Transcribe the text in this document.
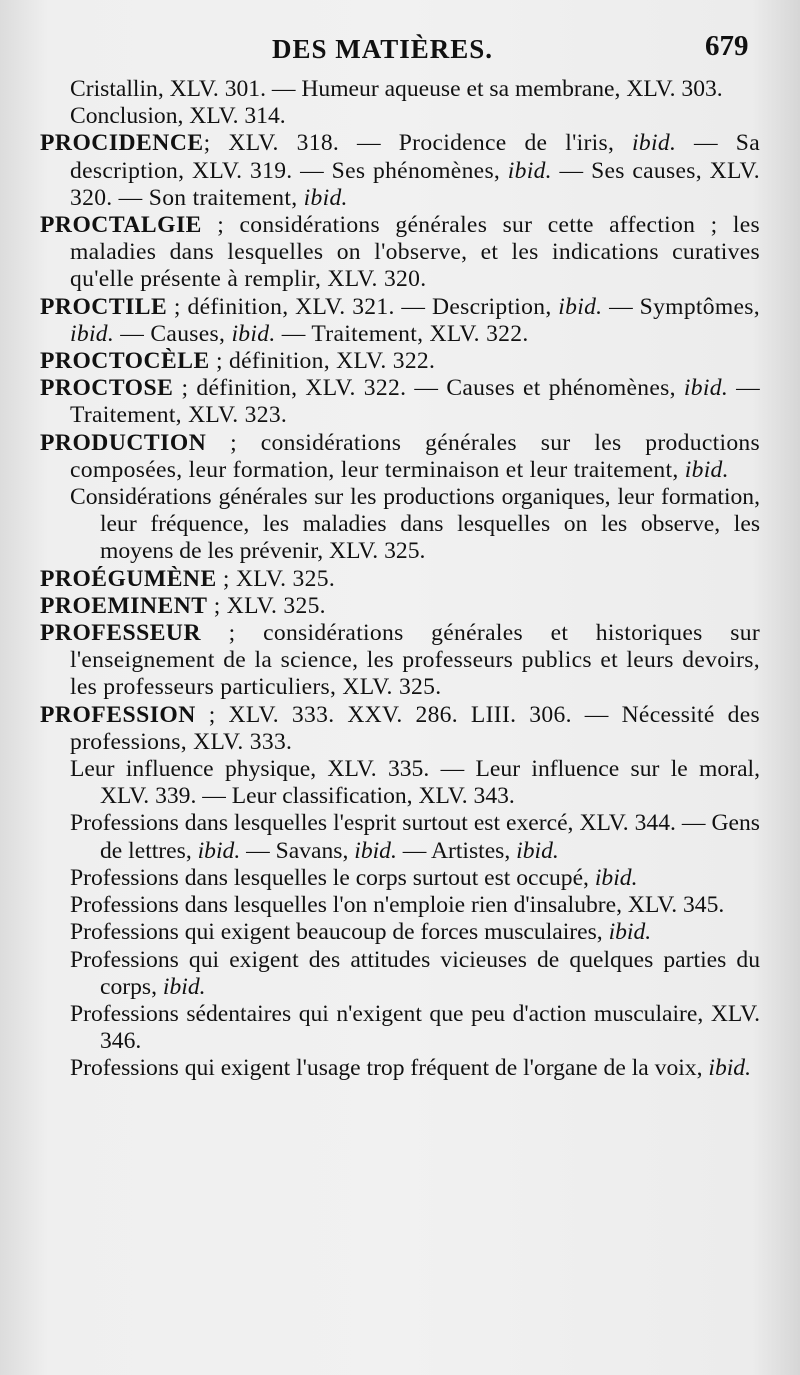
DES MATIÈRES.	679

Cristallin, XLV. 301. — Humeur aqueuse et sa membrane, XLV. 303.

Conclusion, XLV. 314.

PROCIDENCE; XLV. 318. — Procidence de l'iris, ibid. — Sa description, XLV. 319. — Ses phénomènes, ibid. — Ses causes, XLV. 320. — Son traitement, ibid.

PROCTALGIE ; considérations générales sur cette affection ; les maladies dans lesquelles on l'observe, et les indications curatives qu'elle présente à remplir, XLV. 320.

PROCTILE ; définition, XLV. 321. — Description, ibid. — Symptômes, ibid. — Causes, ibid. — Traitement, XLV. 322.

PROCTOCÈLE ; définition, XLV. 322.

PROCTOSE ; définition, XLV. 322. — Causes et phénomènes, ibid. — Traitement, XLV. 323.

PRODUCTION ; considérations générales sur les productions composées, leur formation, leur terminaison et leur traitement, ibid.

Considérations générales sur les productions organiques, leur formation, leur fréquence, les maladies dans lesquelles on les observe, les moyens de les prévenir, XLV. 325.

PROÉGUMÈNE ; XLV. 325.

PROEMINENT ; XLV. 325.

PROFESSEUR ; considérations générales et historiques sur l'enseignement de la science, les professeurs publics et leurs devoirs, les professeurs particuliers, XLV. 325.

PROFESSION ; XLV. 333. XXV. 286. LIII. 306. — Nécessité des professions, XLV. 333.

Leur influence physique, XLV. 335. — Leur influence sur le moral, XLV. 339. — Leur classification, XLV. 343.

Professions dans lesquelles l'esprit surtout est exercé, XLV. 344. — Gens de lettres, ibid. — Savans, ibid. — Artistes, ibid.

Professions dans lesquelles le corps surtout est occupé, ibid.

Professions dans lesquelles l'on n'emploie rien d'insalubre, XLV. 345.

Professions qui exigent beaucoup de forces musculaires, ibid.

Professions qui exigent des attitudes vicieuses de quelques parties du corps, ibid.

Professions sédentaires qui n'exigent que peu d'action musculaire, XLV. 346.

Professions qui exigent l'usage trop fréquent de l'organe de la voix, ibid.
